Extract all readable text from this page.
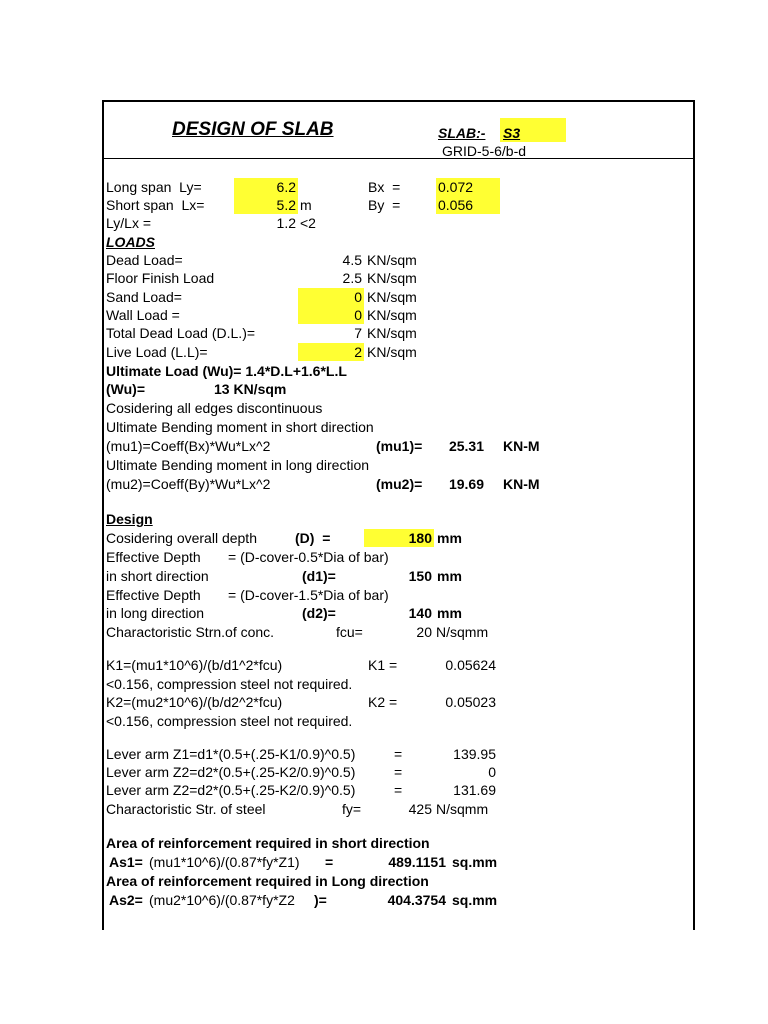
DESIGN OF SLAB	SLAB:- S3
GRID-5-6/b-d
Long span  Ly=	6.2	Bx  =	0.072
Short span  Lx=	5.2 m	By  =	0.056
Ly/Lx =	1.2 <2
LOADS
Dead Load=	4.5 KN/sqm
Floor Finish Load	2.5 KN/sqm
Sand Load=	0 KN/sqm
Wall Load =	0 KN/sqm
Total Dead Load (D.L.)=	7 KN/sqm
Live Load (L.L)=	2 KN/sqm
Ultimate Load (Wu)= 1.4*D.L+1.6*L.L
(Wu)=	13 KN/sqm
Cosidering all edges discontinuous
Ultimate Bending moment in short direction
(mu1)=Coeff(Bx)*Wu*Lx^2	(mu1)=	25.31 KN-M
Ultimate Bending moment in long direction
(mu2)=Coeff(By)*Wu*Lx^2	(mu2)=	19.69 KN-M
Design
Cosidering overall depth	(D)  =	180 mm
Effective Depth = (D-cover-0.5*Dia of bar)
in short direction	(d1)=	150 mm
Effective Depth = (D-cover-1.5*Dia of bar)
in long direction	(d2)=	140 mm
Charactoristic Strn.of conc.	fcu=	20 N/sqmm
K1=(mu1*10^6)/(b/d1^2*fcu)	K1 =	0.05624
<0.156, compression steel not required.
K2=(mu2*10^6)/(b/d2^2*fcu)	K2 =	0.05023
<0.156, compression steel not required.
Lever arm Z1=d1*(0.5+(.25-K1/0.9)^0.5)	=	139.95
Lever arm Z2=d2*(0.5+(.25-K2/0.9)^0.5)	=	0
Lever arm Z2=d2*(0.5+(.25-K2/0.9)^0.5)	=	131.69
Charactoristic Str. of steel	fy=	425 N/sqmm
Area of reinforcement required in short direction
As1= (mu1*10^6)/(0.87*fy*Z1) =	489.1151 sq.mm
Area of reinforcement required in Long direction
As2= (mu2*10^6)/(0.87*fy*Z2 )=	404.3754 sq.mm
